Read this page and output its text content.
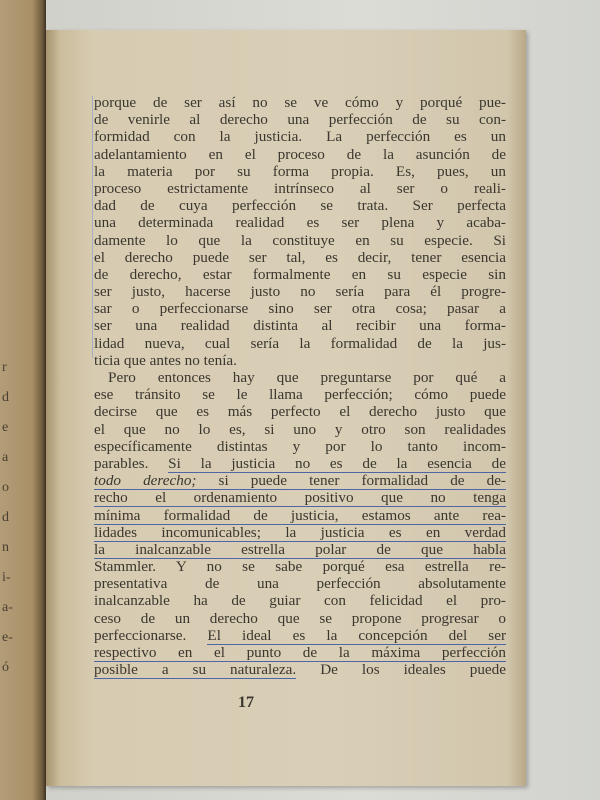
r
d
e
a
o
d
n
i-
a-
e-
ó
porque de ser así no se ve cómo y porqué pue-
de venirle al derecho una perfección de su con-
formidad con la justicia. La perfección es un
adelantamiento en el proceso de la asunción de
la materia por su forma propia. Es, pues, un
proceso estrictamente intrínseco al ser o reali-
dad de cuya perfección se trata. Ser perfecta
una determinada realidad es ser plena y acaba-
damente lo que la constituye en su especie. Si
el derecho puede ser tal, es decir, tener esencia
de derecho, estar formalmente en su especie sin
ser justo, hacerse justo no sería para él progre-
sar o perfeccionarse sino ser otra cosa; pasar a
ser una realidad distinta al recibir una forma-
lidad nueva, cual sería la formalidad de la jus-
ticia que antes no tenía.
Pero entonces hay que preguntarse por qué a
ese tránsito se le llama perfección; cómo puede
decirse que es más perfecto el derecho justo que
el que no lo es, si uno y otro son realidades
específicamente distintas y por lo tanto incom-
parables. Si la justicia no es de la esencia de
todo derecho; si puede tener formalidad de de-
recho el ordenamiento positivo que no tenga
mínima formalidad de justicia, estamos ante rea-
lidades incomunicables; la justicia es en verdad
la inalcanzable estrella polar de que habla
Stammler. Y no se sabe porqué esa estrella re-
presentativa de una perfección absolutamente
inalcanzable ha de guiar con felicidad el pro-
ceso de un derecho que se propone progresar o
perfeccionarse. El ideal es la concepción del ser
respectivo en el punto de la máxima perfección
posible a su naturaleza. De los ideales puede
17
